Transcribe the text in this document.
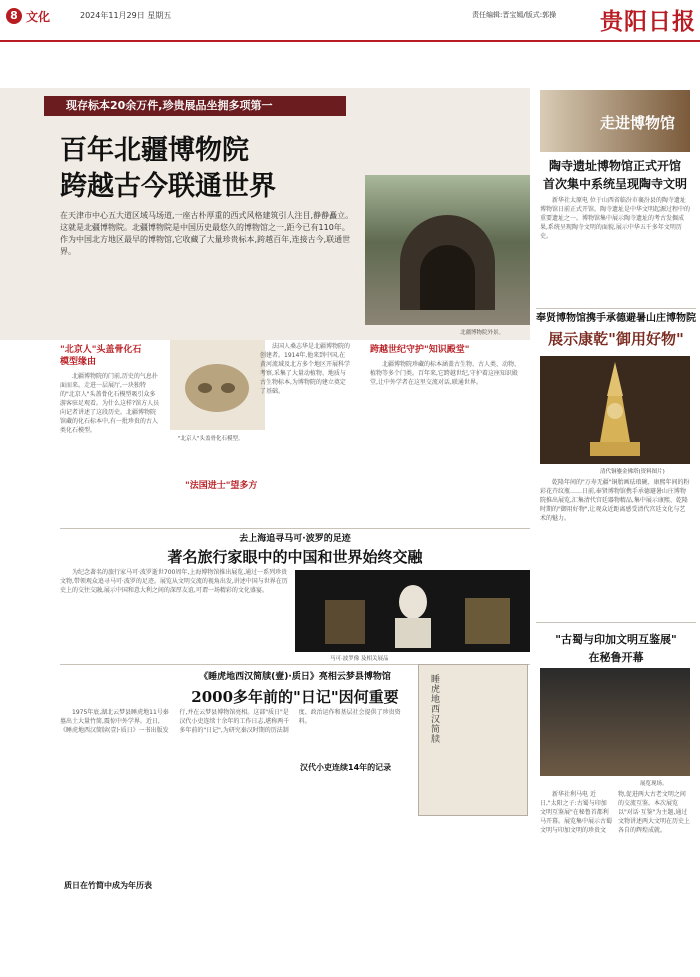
8 文化	2024年11月29日 星期五	责任编辑:晋宝嫣/版式:郭操 贵阳日报
现存标本20余万件,珍贵展品坐拥多项第一
百年北疆博物院
跨越古今联通世界
在天津市中心五大道区域马场道,一座古朴厚重的西式风格建筑引人注目,静静矗立。这就是北疆博物院。北疆博物院是中国历史最悠久的博物馆之一,距今已有110年。作为中国北方地区最早的博物馆,它收藏了大量珍贵标本,跨越百年,连接古今,联通世界。
北疆博物院外景。
"北京人"头盖骨化石模型缘由

北疆博物院的门前,历史的气息扑面而来。走进一层展厅,一块独特的"北京人"头盖骨化石模型吸引众多游客驻足观看。为什么这样?馆方人员向记者讲述了这段历史。北疆博物院馆藏的化石标本中,有一批珍贵的古人类化石模型。

"北京人"头盖骨化石模型。
"法国进士"望多方

法国人桑志华是北疆博物院的创建者。1914年,他来到中国,在黄河流域及北方多个地区开展科学考察,采集了大量动植物、地质与古生物标本,为博物院的建立奠定了基础。

跨越世纪守护"知识殿堂"

北疆博物院珍藏的标本涵盖古生物、古人类、动物、植物等多个门类。百年来,它跨越世纪,守护着这座知识殿堂,让中外学者在这里交流对话,联通世界。

走进博物馆
陶寺遗址博物馆正式开馆
首次集中系统呈现陶寺文明

新华社太原电 位于山西省临汾市襄汾县的陶寺遗址博物馆日前正式开馆。陶寺遗址是中华文明起源过程中的重要遗址之一。博物馆集中展示陶寺遗址的考古发掘成果,系统呈现陶寺文明的面貌,展示中华五千多年文明历史。

奉贤博物馆携手承德避暑山庄博物院
展示康乾"御用好物"
清代铜鎏金佛塔(资料图片)

乾隆年间的"万寿无疆"铜胎画珐琅碗、康熙年间的粉彩花卉纹瓶……日前,奉贤博物馆携手承德避暑山庄博物院推出展览,汇集清代宫廷器物精品,集中展示康熙、乾隆时期的"御用好物",让观众近距离感受清代宫廷文化与艺术的魅力。

去上海追寻马可·波罗的足迹
著名旅行家眼中的中国和世界始终交融

为纪念著名的旅行家马可·波罗逝世700周年,上海博物馆推出展览,通过一系列珍贵文物,带领观众追寻马可·波罗的足迹。展览从文明交流的视角出发,讲述中国与世界在历史上的交往交融,展示中国和意大利之间的深厚友谊,可谓一场精彩的文化盛宴。

马可·波罗像 及相关展品
《睡虎地西汉简牍(壹)·质日》亮相云梦县博物馆
2000多年前的"日记"因何重要

1975年底,湖北云梦县睡虎地11号秦墓出土大量竹简,震惊中外学界。近日,《睡虎地西汉简牍(壹)·质日》一书出版发行,并在云梦县博物馆亮相。这部"质日"是汉代小吏连续十余年的工作日志,堪称两千多年前的"日记",为研究秦汉时期的历法制度、政治运作和基层社会提供了珍贵资料。

质日在竹简中成为年历表
汉代小吏连续14年的记录
睡虎地西汉简牍
"古蜀与印加文明互鉴展"
在秘鲁开幕
展览现场。

新华社利马电 近日,"太阳之子:古蜀与印加文明互鉴展"在秘鲁首都利马开幕。展览集中展示古蜀文明与印加文明的珍贵文物,促进两大古老文明之间的交流互鉴。本次展览以"对话·互鉴"为主题,通过文物讲述两大文明在历史上各自的辉煌成就。
